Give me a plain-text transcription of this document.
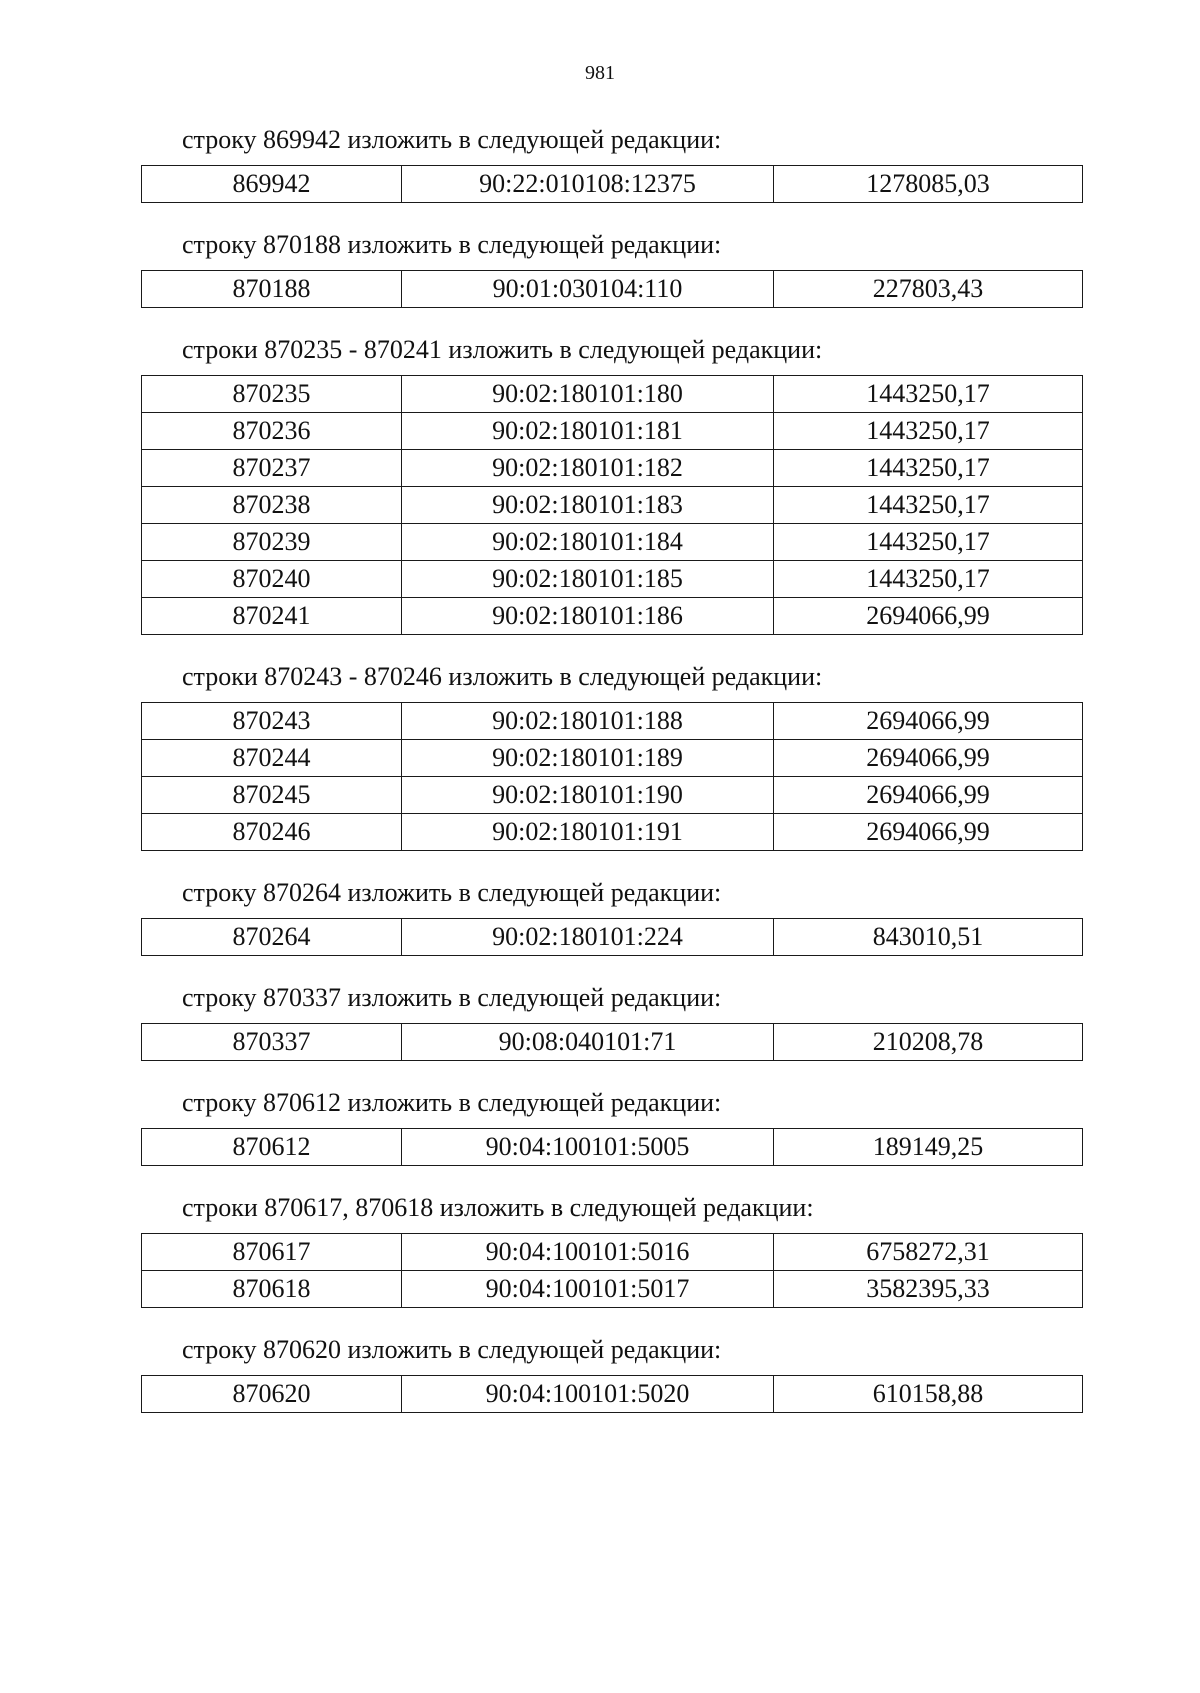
981

строку 869942 изложить в следующей редакции:

869942	90:22:010108:12375	1278085,03

строку 870188 изложить в следующей редакции:

870188	90:01:030104:110	227803,43

строки 870235 - 870241 изложить в следующей редакции:

870235	90:02:180101:180	1443250,17
870236	90:02:180101:181	1443250,17
870237	90:02:180101:182	1443250,17
870238	90:02:180101:183	1443250,17
870239	90:02:180101:184	1443250,17
870240	90:02:180101:185	1443250,17
870241	90:02:180101:186	2694066,99

строки 870243 - 870246 изложить в следующей редакции:

870243	90:02:180101:188	2694066,99
870244	90:02:180101:189	2694066,99
870245	90:02:180101:190	2694066,99
870246	90:02:180101:191	2694066,99

строку 870264 изложить в следующей редакции:

870264	90:02:180101:224	843010,51

строку 870337 изложить в следующей редакции:

870337	90:08:040101:71	210208,78

строку 870612 изложить в следующей редакции:

870612	90:04:100101:5005	189149,25

строки 870617, 870618 изложить в следующей редакции:

870617	90:04:100101:5016	6758272,31
870618	90:04:100101:5017	3582395,33

строку 870620 изложить в следующей редакции:

870620	90:04:100101:5020	610158,88
